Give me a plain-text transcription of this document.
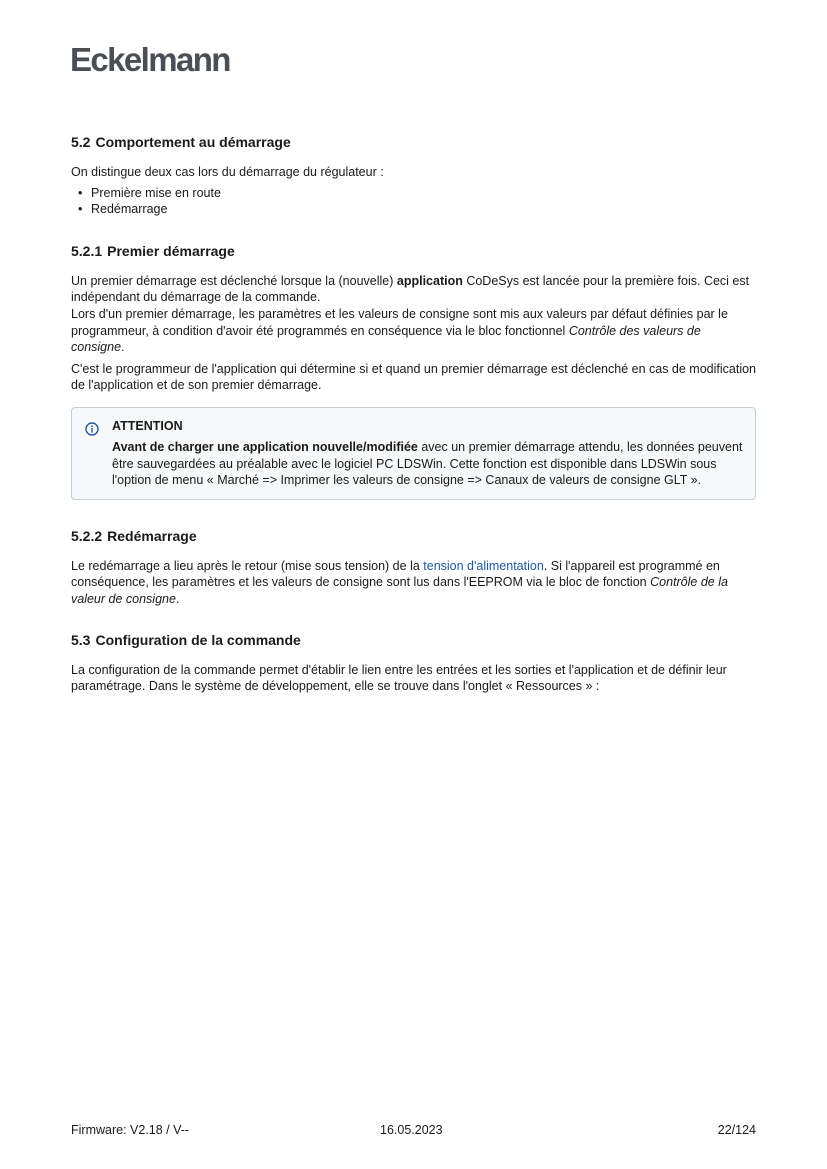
Eckelmann
5.2 Comportement au démarrage

On distingue deux cas lors du démarrage du régulateur :

• Première mise en route
• Redémarrage
5.2.1 Premier démarrage

Un premier démarrage est déclenché lorsque la (nouvelle) application CoDeSys est lancée pour la première fois. Ceci est indépendant du démarrage de la commande.
Lors d'un premier démarrage, les paramètres et les valeurs de consigne sont mis aux valeurs par défaut définies par le programmeur, à condition d'avoir été programmés en conséquence via le bloc fonctionnel Contrôle des valeurs de consigne.

C'est le programmeur de l'application qui détermine si et quand un premier démarrage est déclenché en cas de modification de l'application et de son premier démarrage.

ATTENTION

Avant de charger une application nouvelle/modifiée avec un premier démarrage attendu, les données peuvent être sauvegardées au préalable avec le logiciel PC LDSWin. Cette fonction est disponible dans LDSWin sous l'option de menu « Marché => Imprimer les valeurs de consigne => Canaux de valeurs de consigne GLT ».

5.2.2 Redémarrage

Le redémarrage a lieu après le retour (mise sous tension) de la tension d'alimentation. Si l'appareil est programmé en conséquence, les paramètres et les valeurs de consigne sont lus dans l'EEPROM via le bloc de fonction Contrôle de la valeur de consigne.

5.3 Configuration de la commande

La configuration de la commande permet d'établir le lien entre les entrées et les sorties et l'application et de définir leur paramétrage. Dans le système de développement, elle se trouve dans l'onglet « Ressources » :

Firmware: V2.18 / V--	16.05.2023	22/124
